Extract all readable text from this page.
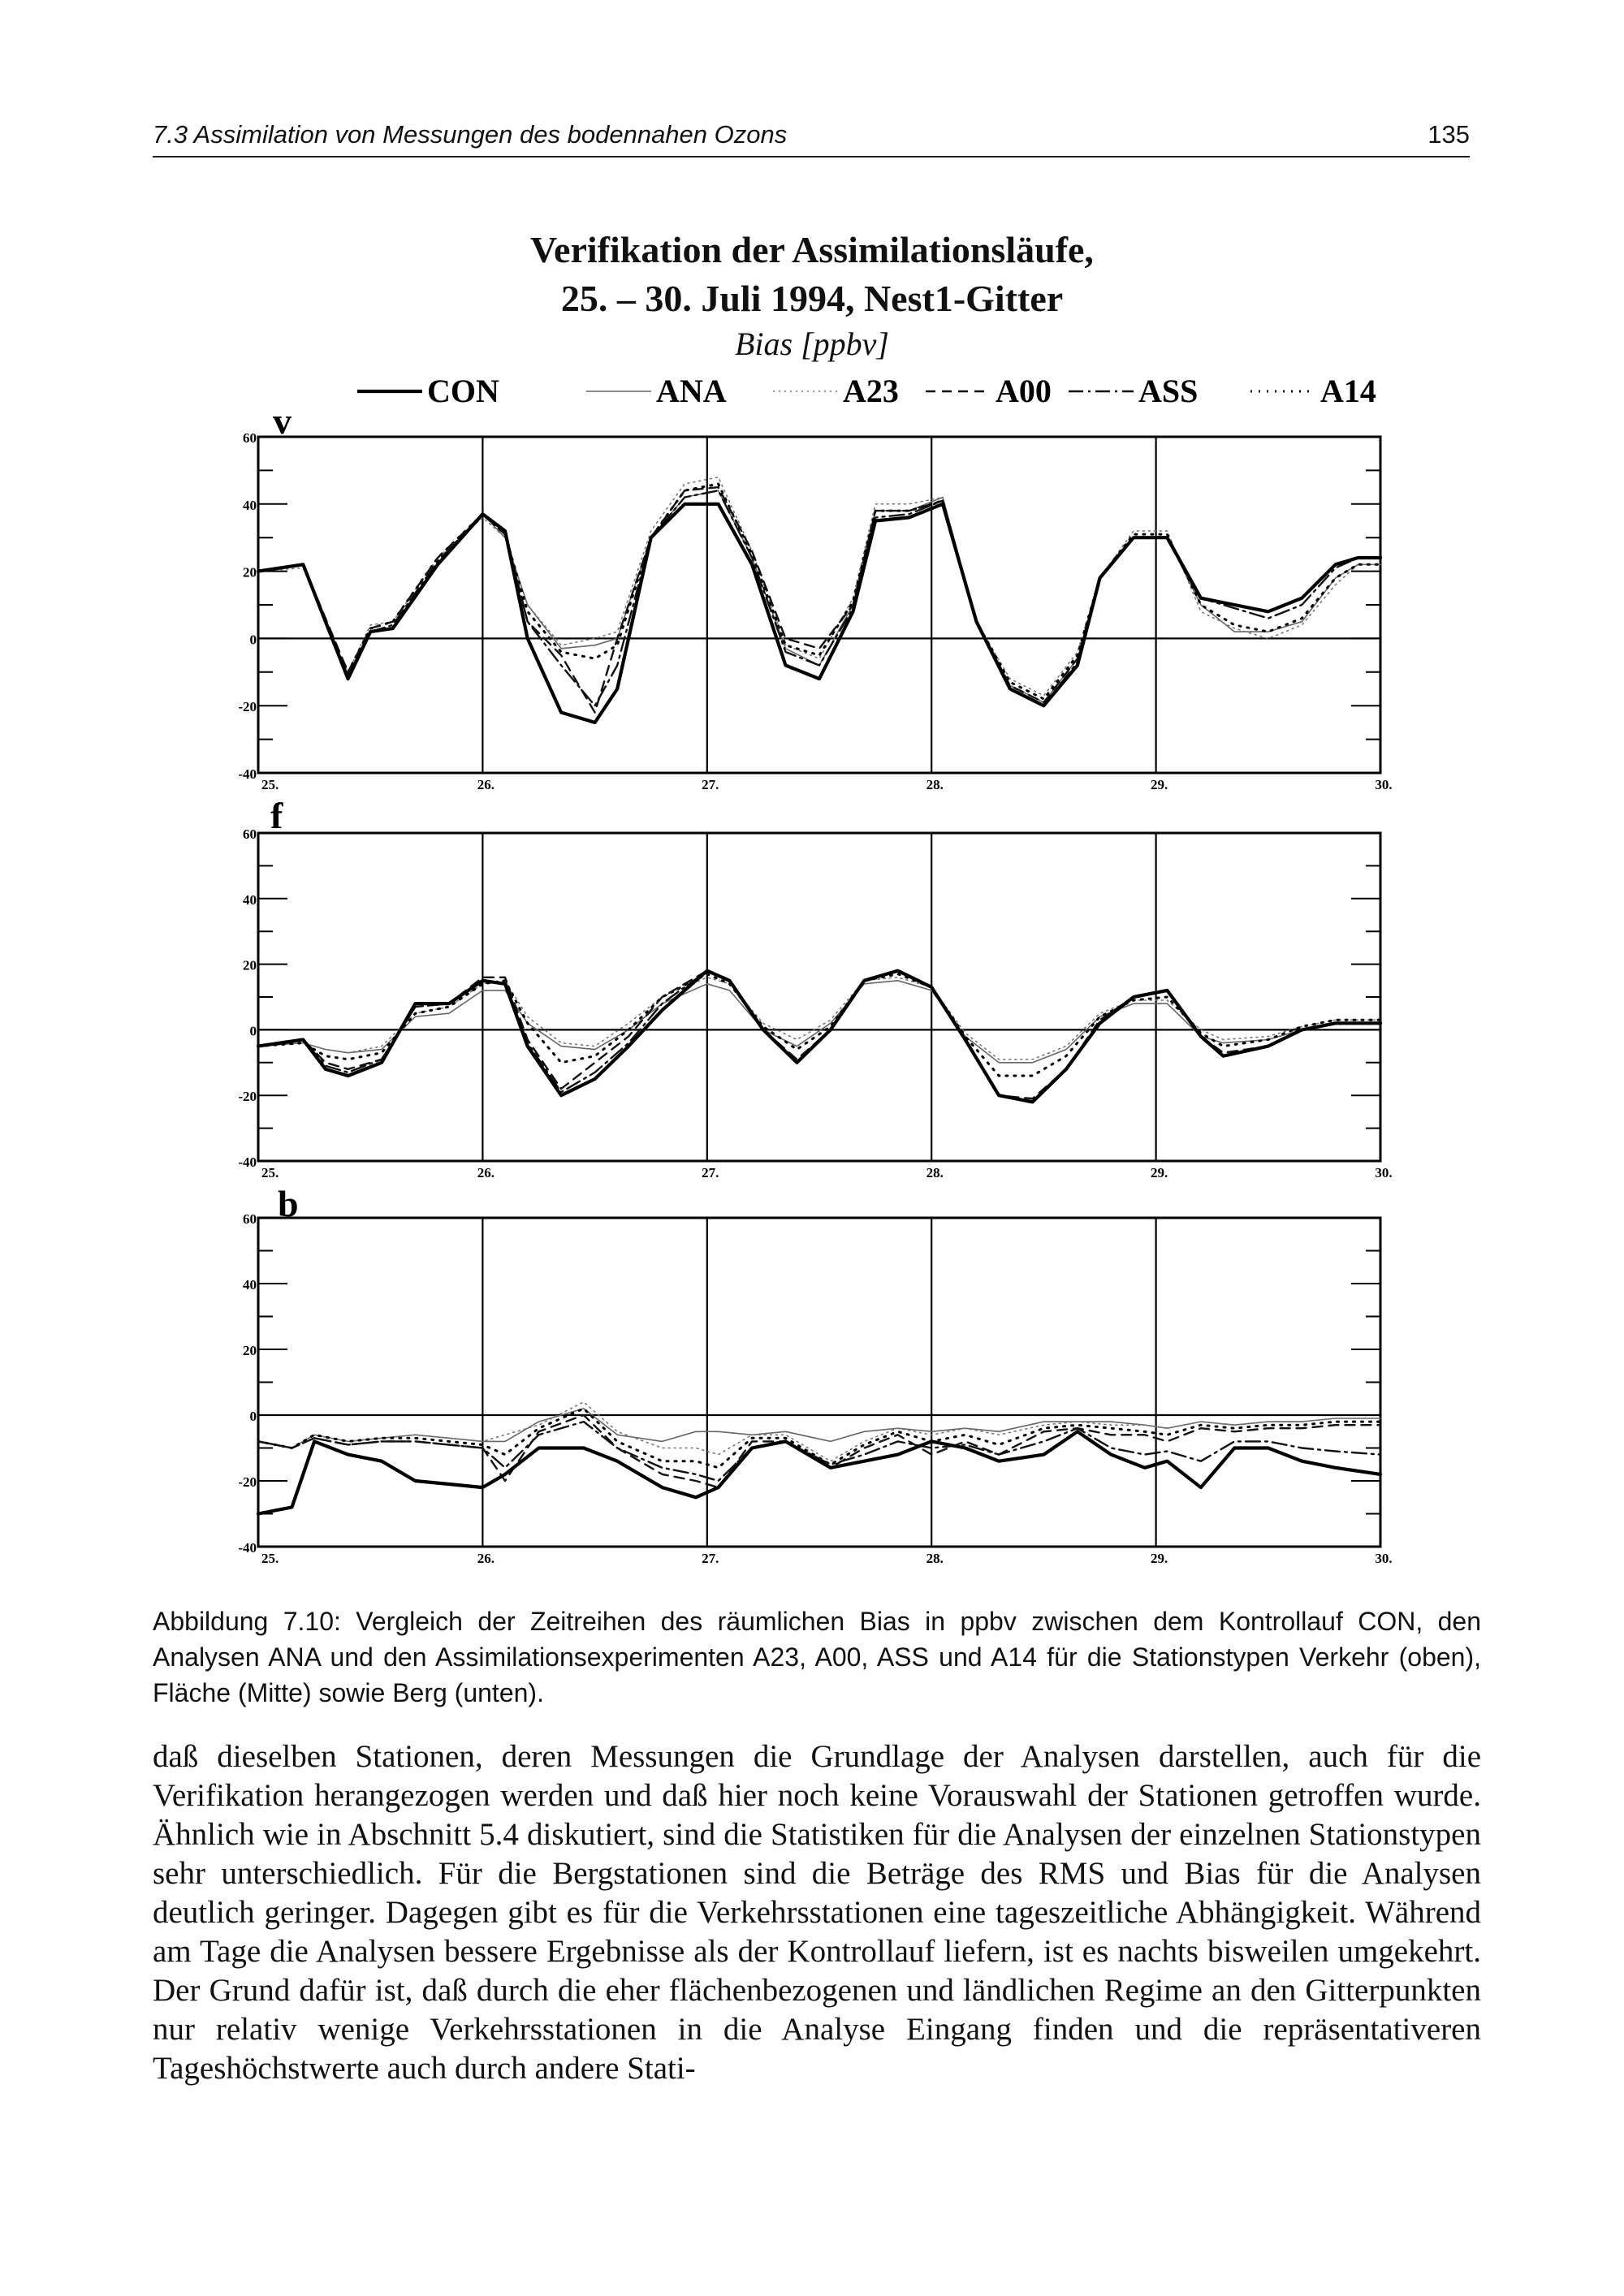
7.3 Assimilation von Messungen des bodennahen Ozons	135
Verifikation der Assimilationsläufe,
25. – 30. Juli 1994, Nest1-Gitter
Bias [ppbv]
CON	ANA	A23	A00	ASS	A14
60
40
20
0
-20
-40
25.	26.	27.	28.	29.	30.
v
60
40
20
0
-20
-40
25.	26.	27.	28.	29.	30.
f
60
40
20
0
-20
-40
25.	26.	27.	28.	29.	30.
b
Abbildung 7.10: Vergleich der Zeitreihen des räumlichen Bias in ppbv zwischen dem Kontrollauf CON, den Analysen ANA und den Assimilationsexperimenten A23, A00, ASS und A14 für die Stationstypen Verkehr (oben), Fläche (Mitte) sowie Berg (unten).
daß dieselben Stationen, deren Messungen die Grundlage der Analysen darstellen, auch für die Verifikation herangezogen werden und daß hier noch keine Vorauswahl der Stationen getroffen wurde. Ähnlich wie in Abschnitt 5.4 diskutiert, sind die Statistiken für die Analysen der einzelnen Stationstypen sehr unterschiedlich. Für die Bergstationen sind die Beträge des RMS und Bias für die Analysen deutlich geringer. Dagegen gibt es für die Verkehrsstationen eine tageszeitliche Abhängigkeit. Während am Tage die Analysen bessere Ergebnisse als der Kontrollauf liefern, ist es nachts bisweilen umgekehrt. Der Grund dafür ist, daß durch die eher flächenbezogenen und ländlichen Regime an den Gitterpunkten nur relativ wenige Verkehrsstationen in die Analyse Eingang finden und die repräsentativeren Tageshöchstwerte auch durch andere Stati-
